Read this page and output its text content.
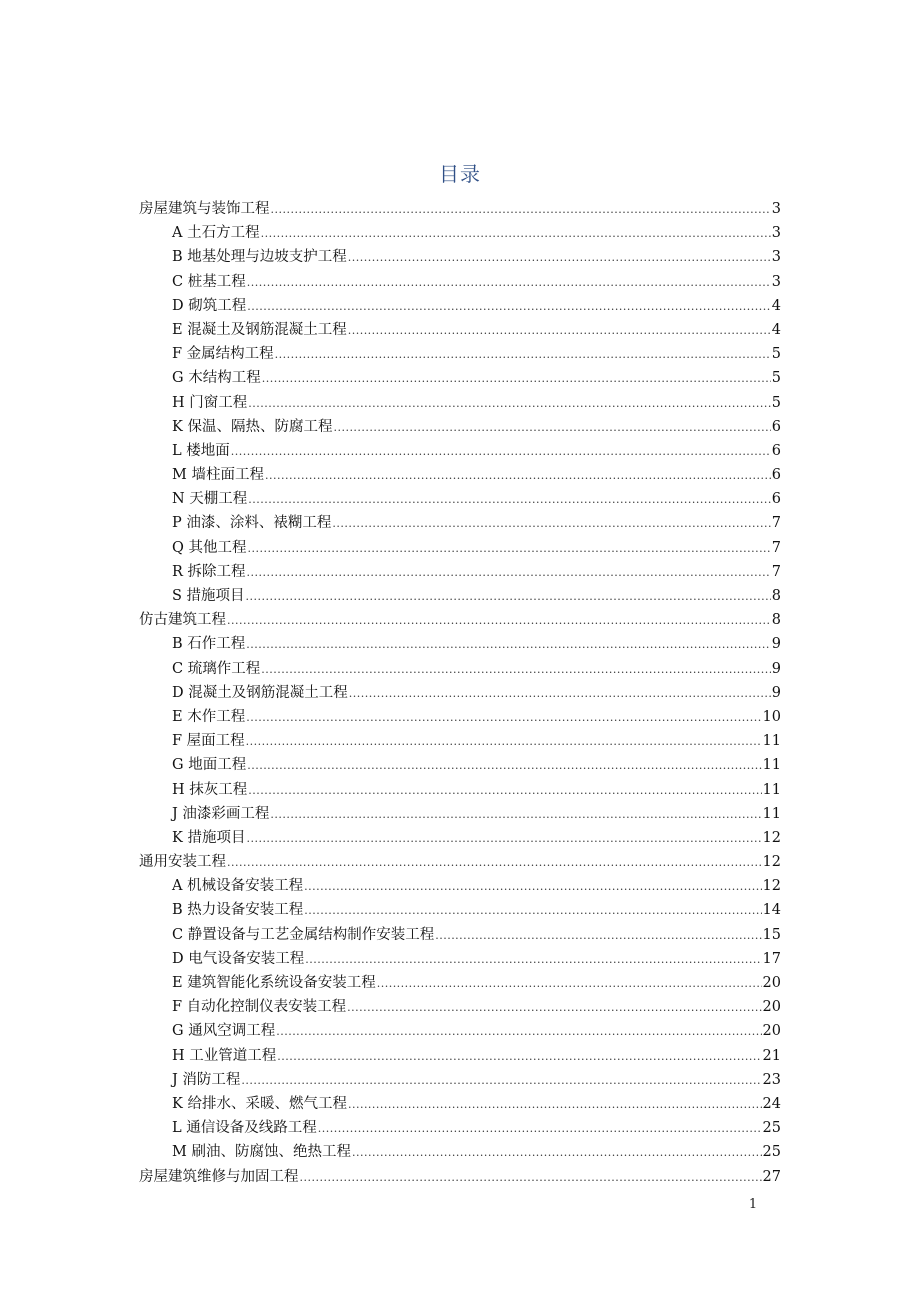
目录
房屋建筑与装饰工程 .....	3
A 土石方工程 .....	3
B 地基处理与边坡支护工程 .....	3
C 桩基工程 .....	3
D 砌筑工程 .....	4
E 混凝土及钢筋混凝土工程 .....	4
F 金属结构工程 .....	5
G 木结构工程 .....	5
H 门窗工程 .....	5
K 保温、隔热、防腐工程 .....	6
L 楼地面 .....	6
M 墙柱面工程 .....	6
N 天棚工程 .....	6
P 油漆、涂料、裱糊工程 .....	7
Q 其他工程 .....	7
R 拆除工程 .....	7
S 措施项目 .....	8
仿古建筑工程 .....	8
B 石作工程 .....	9
C 琉璃作工程 .....	9
D 混凝土及钢筋混凝土工程 .....	9
E 木作工程 .....	10
F 屋面工程 .....	11
G 地面工程 .....	11
H 抹灰工程 .....	11
J 油漆彩画工程 .....	11
K 措施项目 .....	12
通用安装工程 .....	12
A 机械设备安装工程 .....	12
B 热力设备安装工程 .....	14
C 静置设备与工艺金属结构制作安装工程 .....	15
D 电气设备安装工程 .....	17
E 建筑智能化系统设备安装工程 .....	20
F 自动化控制仪表安装工程 .....	20
G 通风空调工程 .....	20
H 工业管道工程 .....	21
J 消防工程 .....	23
K 给排水、采暖、燃气工程 .....	24
L 通信设备及线路工程 .....	25
M 刷油、防腐蚀、绝热工程 .....	25
房屋建筑维修与加固工程 .....	27
1
